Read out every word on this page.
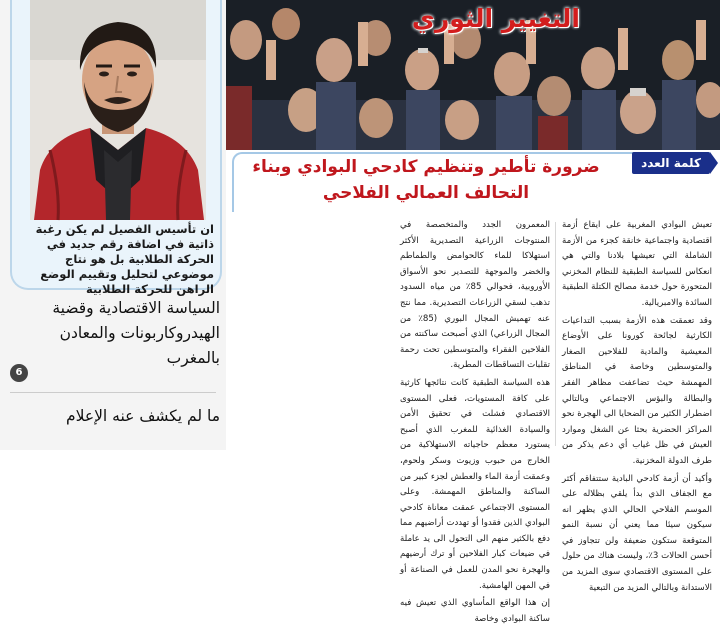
ان تأسيس الفصيل لم يكن رغبة ذاتية في اضافة رقم جديد في الحركة الطلابية بل هو نتاج موضوعي لتحليل وتقييم الوضع الراهن للحركة الطلابية
السياسة الاقتصادية وقضية الهيدروكاربونات والمعادن بالمغرب
6
ما لم يكشف عنه الإعلام
التغيير الثوري
ضرورة تأطير وتنظيم كادحي البوادي وبناء التحالف العمالي الفلاحي
كلمة العدد
تعيش البوادي المغربية على ايقاع أزمة اقتصادية واجتماعية خانقة كجزء من الأزمة الشاملة التي تعيشها بلادنا والتي هي انعكاس للسياسة الطبقية للنظام المخزني المتحورة حول خدمة مصالح الكتلة الطبقية السائدة والامبريالية.
وقد تعمقت هذه الأزمة بسبب التداعيات الكارثية لجائحة كورونا على الأوضاع المعيشية والمادية للفلاحين الصغار والمتوسطين وخاصة في المناطق المهمشة حيث تضاعفت مظاهر الفقر والبطالة والبؤس الاجتماعي وبالتالي اضطرار الكثير من الضحايا الى الهجرة نحو المراكز الحضرية بحثا عن الشغل وموارد العيش في ظل غياب أي دعم يذكر من طرف الدولة المخزنية.
وأكيد أن أزمة كادحي البادية ستتفاقم أكثر مع الجفاف الذي بدأ يلقي بظلاله على الموسم الفلاحي الحالي الذي يظهر انه سيكون سيئا مما يعني أن نسبة النمو المتوقعة ستكون ضعيفة ولن تتجاوز في أحسن الحالات 3٪، وليست هناك من حلول على المستوى الاقتصادي سوى المزيد من الاستدانة وبالتالي المزيد من التبعية
المعمرون الجدد والمتخصصة في المنتوجات الزراعية التصديرية الأكثر استهلاكا للماء كالحوامض والطماطم والخضر والموجهة للتصدير نحو الأسواق الأوروبية، فحوالي 85٪ من مياه السدود تذهب لسقي الزراعات التصديرية. مما نتج عنه تهميش المجال البوري (85٪ من المجال الزراعي) الذي أصبحت ساكنته من الفلاحين الفقراء والمتوسطين تحت رحمة تقلبات التساقطات المطرية.
هذه السياسة الطبقية كانت نتائجها كارثية على كافة المستويات، فعلى المستوى الاقتصادي فشلت في تحقيق الأمن والسيادة الغذائية للمغرب الذي أصبح يستورد معظم حاجياته الاستهلاكية من الخارج من حبوب وزيوت وسكر ولحوم، وعمقت أزمة الماء والعطش لجزء كبير من الساكنة والمناطق المهمشة. وعلى المستوى الاجتماعي عمقت معاناة كادحي البوادي الذين فقدوا أو تهددت أراضيهم مما دفع بالكثير منهم الى التحول الى يد عاملة في ضيعات كبار الفلاحين أو ترك أرضيهم والهجرة نحو المدن للعمل في الصناعة أو في المهن الهامشية.
إن هذا الواقع المأساوي الذي تعيش فيه ساكنة البوادي وخاصة
